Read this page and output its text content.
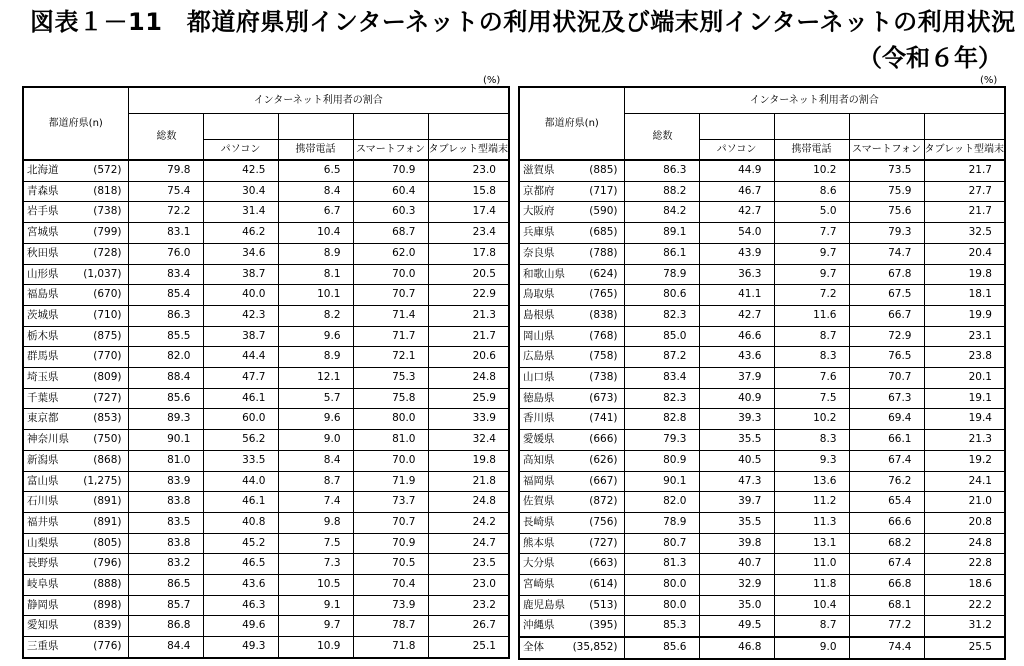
図表１－11　都道府県別インターネットの利用状況及び端末別インターネットの利用状況
（令和６年）
(%)	(%)
都道府県(n)	インターネット利用者の割合				
	総数				
		パソコン	携帯電話	スマートフォン	タブレット型端末

北海道 (572)	79.8	42.5	6.5	70.9	23.0

青森県 (818)	75.4	30.4	8.4	60.4	15.8

岩手県 (738)	72.2	31.4	6.7	60.3	17.4

宮城県 (799)	83.1	46.2	10.4	68.7	23.4

秋田県 (728)	76.0	34.6	8.9	62.0	17.8

山形県 (1,037)	83.4	38.7	8.1	70.0	20.5

福島県 (670)	85.4	40.0	10.1	70.7	22.9

茨城県 (710)	86.3	42.3	8.2	71.4	21.3

栃木県 (875)	85.5	38.7	9.6	71.7	21.7

群馬県 (770)	82.0	44.4	8.9	72.1	20.6

埼玉県 (809)	88.4	47.7	12.1	75.3	24.8

千葉県 (727)	85.6	46.1	5.7	75.8	25.9

東京都 (853)	89.3	60.0	9.6	80.0	33.9

神奈川県 (750)	90.1	56.2	9.0	81.0	32.4

新潟県 (868)	81.0	33.5	8.4	70.0	19.8

富山県 (1,275)	83.9	44.0	8.7	71.9	21.8

石川県 (891)	83.8	46.1	7.4	73.7	24.8

福井県 (891)	83.5	40.8	9.8	70.7	24.2

山梨県 (805)	83.8	45.2	7.5	70.9	24.7

長野県 (796)	83.2	46.5	7.3	70.5	23.5

岐阜県 (888)	86.5	43.6	10.5	70.4	23.0

静岡県 (898)	85.7	46.3	9.1	73.9	23.2

愛知県 (839)	86.8	49.6	9.7	78.7	26.7

三重県 (776)	84.4	49.3	10.9	71.8	25.1
都道府県(n)	インターネット利用者の割合				
	総数				
		パソコン	携帯電話	スマートフォン	タブレット型端末

滋賀県 (885)	86.3	44.9	10.2	73.5	21.7

京都府 (717)	88.2	46.7	8.6	75.9	27.7

大阪府 (590)	84.2	42.7	5.0	75.6	21.7

兵庫県 (685)	89.1	54.0	7.7	79.3	32.5

奈良県 (788)	86.1	43.9	9.7	74.7	20.4

和歌山県 (624)	78.9	36.3	9.7	67.8	19.8

鳥取県 (765)	80.6	41.1	7.2	67.5	18.1

島根県 (838)	82.3	42.7	11.6	66.7	19.9

岡山県 (768)	85.0	46.6	8.7	72.9	23.1

広島県 (758)	87.2	43.6	8.3	76.5	23.8

山口県 (738)	83.4	37.9	7.6	70.7	20.1

徳島県 (673)	82.3	40.9	7.5	67.3	19.1

香川県 (741)	82.8	39.3	10.2	69.4	19.4

愛媛県 (666)	79.3	35.5	8.3	66.1	21.3

高知県 (626)	80.9	40.5	9.3	67.4	19.2

福岡県 (667)	90.1	47.3	13.6	76.2	24.1

佐賀県 (872)	82.0	39.7	11.2	65.4	21.0

長崎県 (756)	78.9	35.5	11.3	66.6	20.8

熊本県 (727)	80.7	39.8	13.1	68.2	24.8

大分県 (663)	81.3	40.7	11.0	67.4	22.8

宮崎県 (614)	80.0	32.9	11.8	66.8	18.6

鹿児島県 (513)	80.0	35.0	10.4	68.1	22.2

沖縄県 (395)	85.3	49.5	8.7	77.2	31.2

全体 (35,852)	85.6	46.8	9.0	74.4	25.5
